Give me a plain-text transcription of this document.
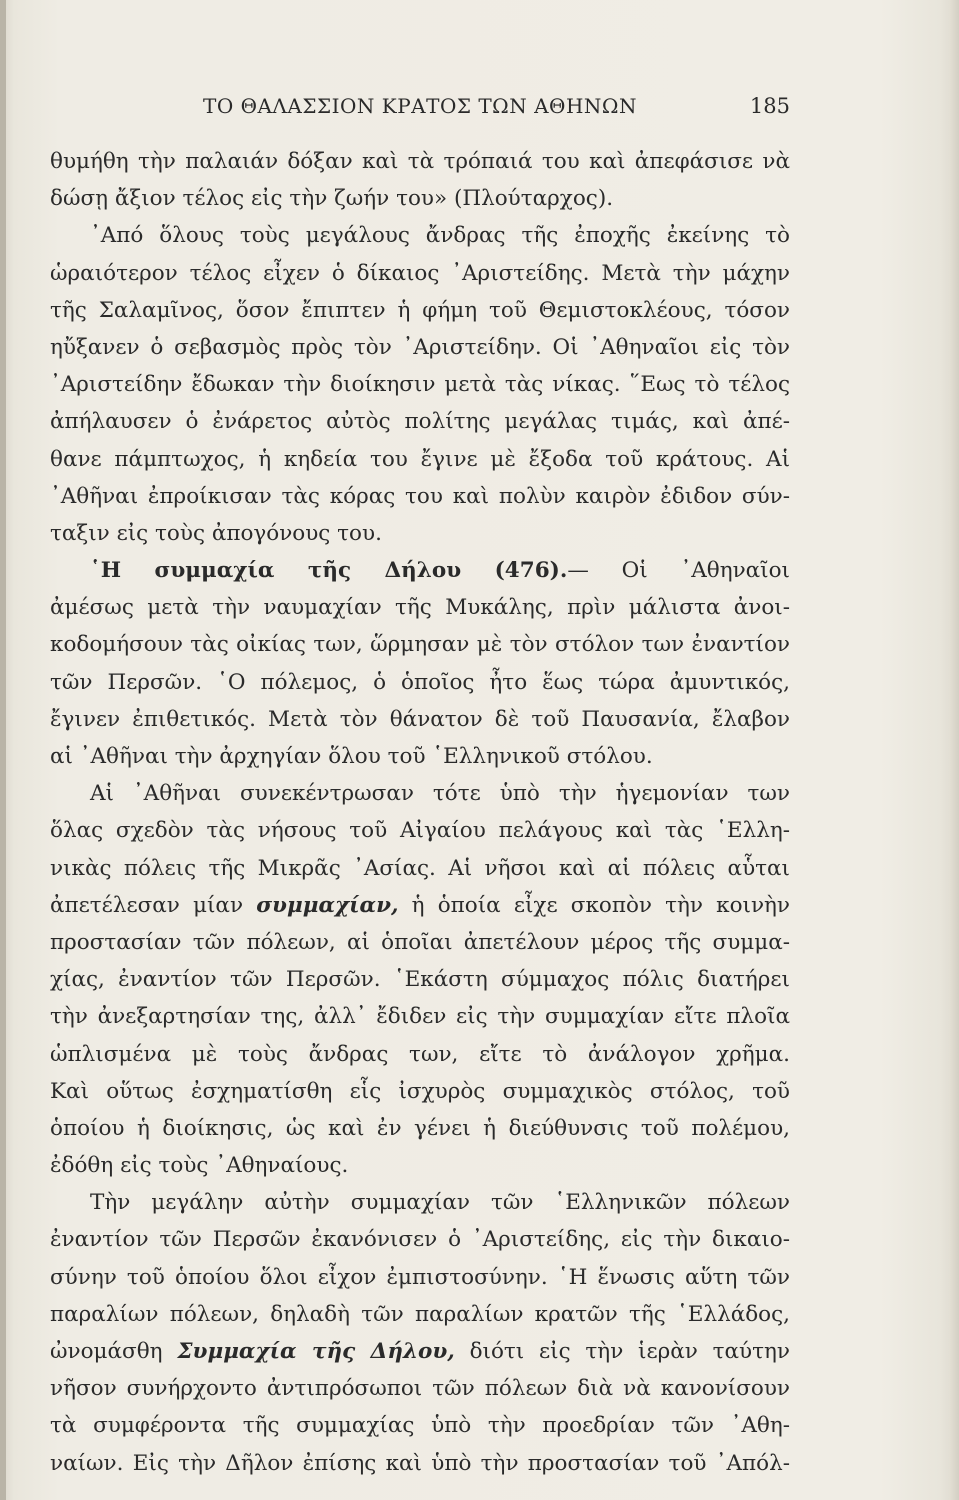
ΤΟ ΘΑΛΑΣΣΙΟΝ ΚΡΑΤΟΣ ΤΩΝ ΑΘΗΝΩΝ	185
θυμήθη τὴν παλαιάν δόξαν καὶ τὰ τρόπαιά του καὶ ἀπεφάσισε νὰ
δώσῃ ἄξιον τέλος εἰς τὴν ζωήν του» (Πλούταρχος).
᾿Από ὅλους τοὺς μεγάλους ἄνδρας τῆς ἐποχῆς ἐκείνης τὸ
ὡραιότερον τέλος εἶχεν ὁ δίκαιος ᾿Αριστείδης. Μετὰ τὴν μάχην
τῆς Σαλαμῖνος, ὅσον ἔπιπτεν ἡ φήμη τοῦ Θεμιστοκλέους, τόσον
ηὔξανεν ὁ σεβασμὸς πρὸς τὸν ᾿Αριστείδην. Οἱ ᾿Αθηναῖοι εἰς τὸν
᾿Αριστείδην ἔδωκαν τὴν διοίκησιν μετὰ τὰς νίκας. ῞Εως τὸ τέλος
ἀπήλαυσεν ὁ ἐνάρετος αὐτὸς πολίτης μεγάλας τιμάς, καὶ ἀπέ-
θανε πάμπτωχος, ἡ κηδεία του ἔγινε μὲ ἔξοδα τοῦ κράτους. Αἱ
᾿Αθῆναι ἐπροίκισαν τὰς κόρας του καὶ πολὺν καιρὸν ἐδιδον σύν-
ταξιν εἰς τοὺς ἀπογόνους του.
῾Η συμμαχία τῆς Δήλου (476).— Οἱ ᾿Αθηναῖοι
ἀμέσως μετὰ τὴν ναυμαχίαν τῆς Μυκάλης, πρὶν μάλιστα ἀνοι-
κοδομήσουν τὰς οἰκίας των, ὥρμησαν μὲ τὸν στόλον των ἐναντίον
τῶν Περσῶν. ῾Ο πόλεμος, ὁ ὁποῖος ἦτο ἕως τώρα ἀμυντικός,
ἔγινεν ἐπιθετικός. Μετὰ τὸν θάνατον δὲ τοῦ Παυσανία, ἔλαβον
αἱ ᾿Αθῆναι τὴν ἀρχηγίαν ὅλου τοῦ ῾Ελληνικοῦ στόλου.
Αἱ ᾿Αθῆναι συνεκέντρωσαν τότε ὑπὸ τὴν ἡγεμονίαν των
ὅλας σχεδὸν τὰς νήσους τοῦ Αἰγαίου πελάγους καὶ τὰς ῾Ελλη-
νικὰς πόλεις τῆς Μικρᾶς ᾿Ασίας. Αἱ νῆσοι καὶ αἱ πόλεις αὗται
ἀπετέλεσαν μίαν συμμαχίαν, ἡ ὁποία εἶχε σκοπὸν τὴν κοινὴν
προστασίαν τῶν πόλεων, αἱ ὁποῖαι ἀπετέλουν μέρος τῆς συμμα-
χίας, ἐναντίον τῶν Περσῶν. ῾Εκάστη σύμμαχος πόλις διατήρει
τὴν ἀνεξαρτησίαν της, ἀλλ᾿ ἔδιδεν εἰς τὴν συμμαχίαν εἴτε πλοῖα
ὡπλισμένα μὲ τοὺς ἄνδρας των, εἴτε τὸ ἀνάλογον χρῆμα.
Καὶ οὕτως ἐσχηματίσθη εἷς ἰσχυρὸς συμμαχικὸς στόλος, τοῦ
ὁποίου ἡ διοίκησις, ὡς καὶ ἐν γένει ἡ διεύθυνσις τοῦ πολέμου,
ἐδόθη εἰς τοὺς ᾿Αθηναίους.
Τὴν μεγάλην αὐτὴν συμμαχίαν τῶν ῾Ελληνικῶν πόλεων
ἐναντίον τῶν Περσῶν ἐκανόνισεν ὁ ᾿Αριστείδης, εἰς τὴν δικαιο-
σύνην τοῦ ὁποίου ὅλοι εἶχον ἐμπιστοσύνην. ῾Η ἕνωσις αὕτη τῶν
παραλίων πόλεων, δηλαδὴ τῶν παραλίων κρατῶν τῆς ῾Ελλάδος,
ὠνομάσθη Συμμαχία τῆς Δήλου, διότι εἰς τὴν ἱερὰν ταύτην
νῆσον συνήρχοντο ἀντιπρόσωποι τῶν πόλεων διὰ νὰ κανονίσουν
τὰ συμφέροντα τῆς συμμαχίας ὑπὸ τὴν προεδρίαν τῶν ᾿Αθη-
ναίων. Εἰς τὴν Δῆλον ἐπίσης καὶ ὑπὸ τὴν προστασίαν τοῦ ᾿Απόλ-
